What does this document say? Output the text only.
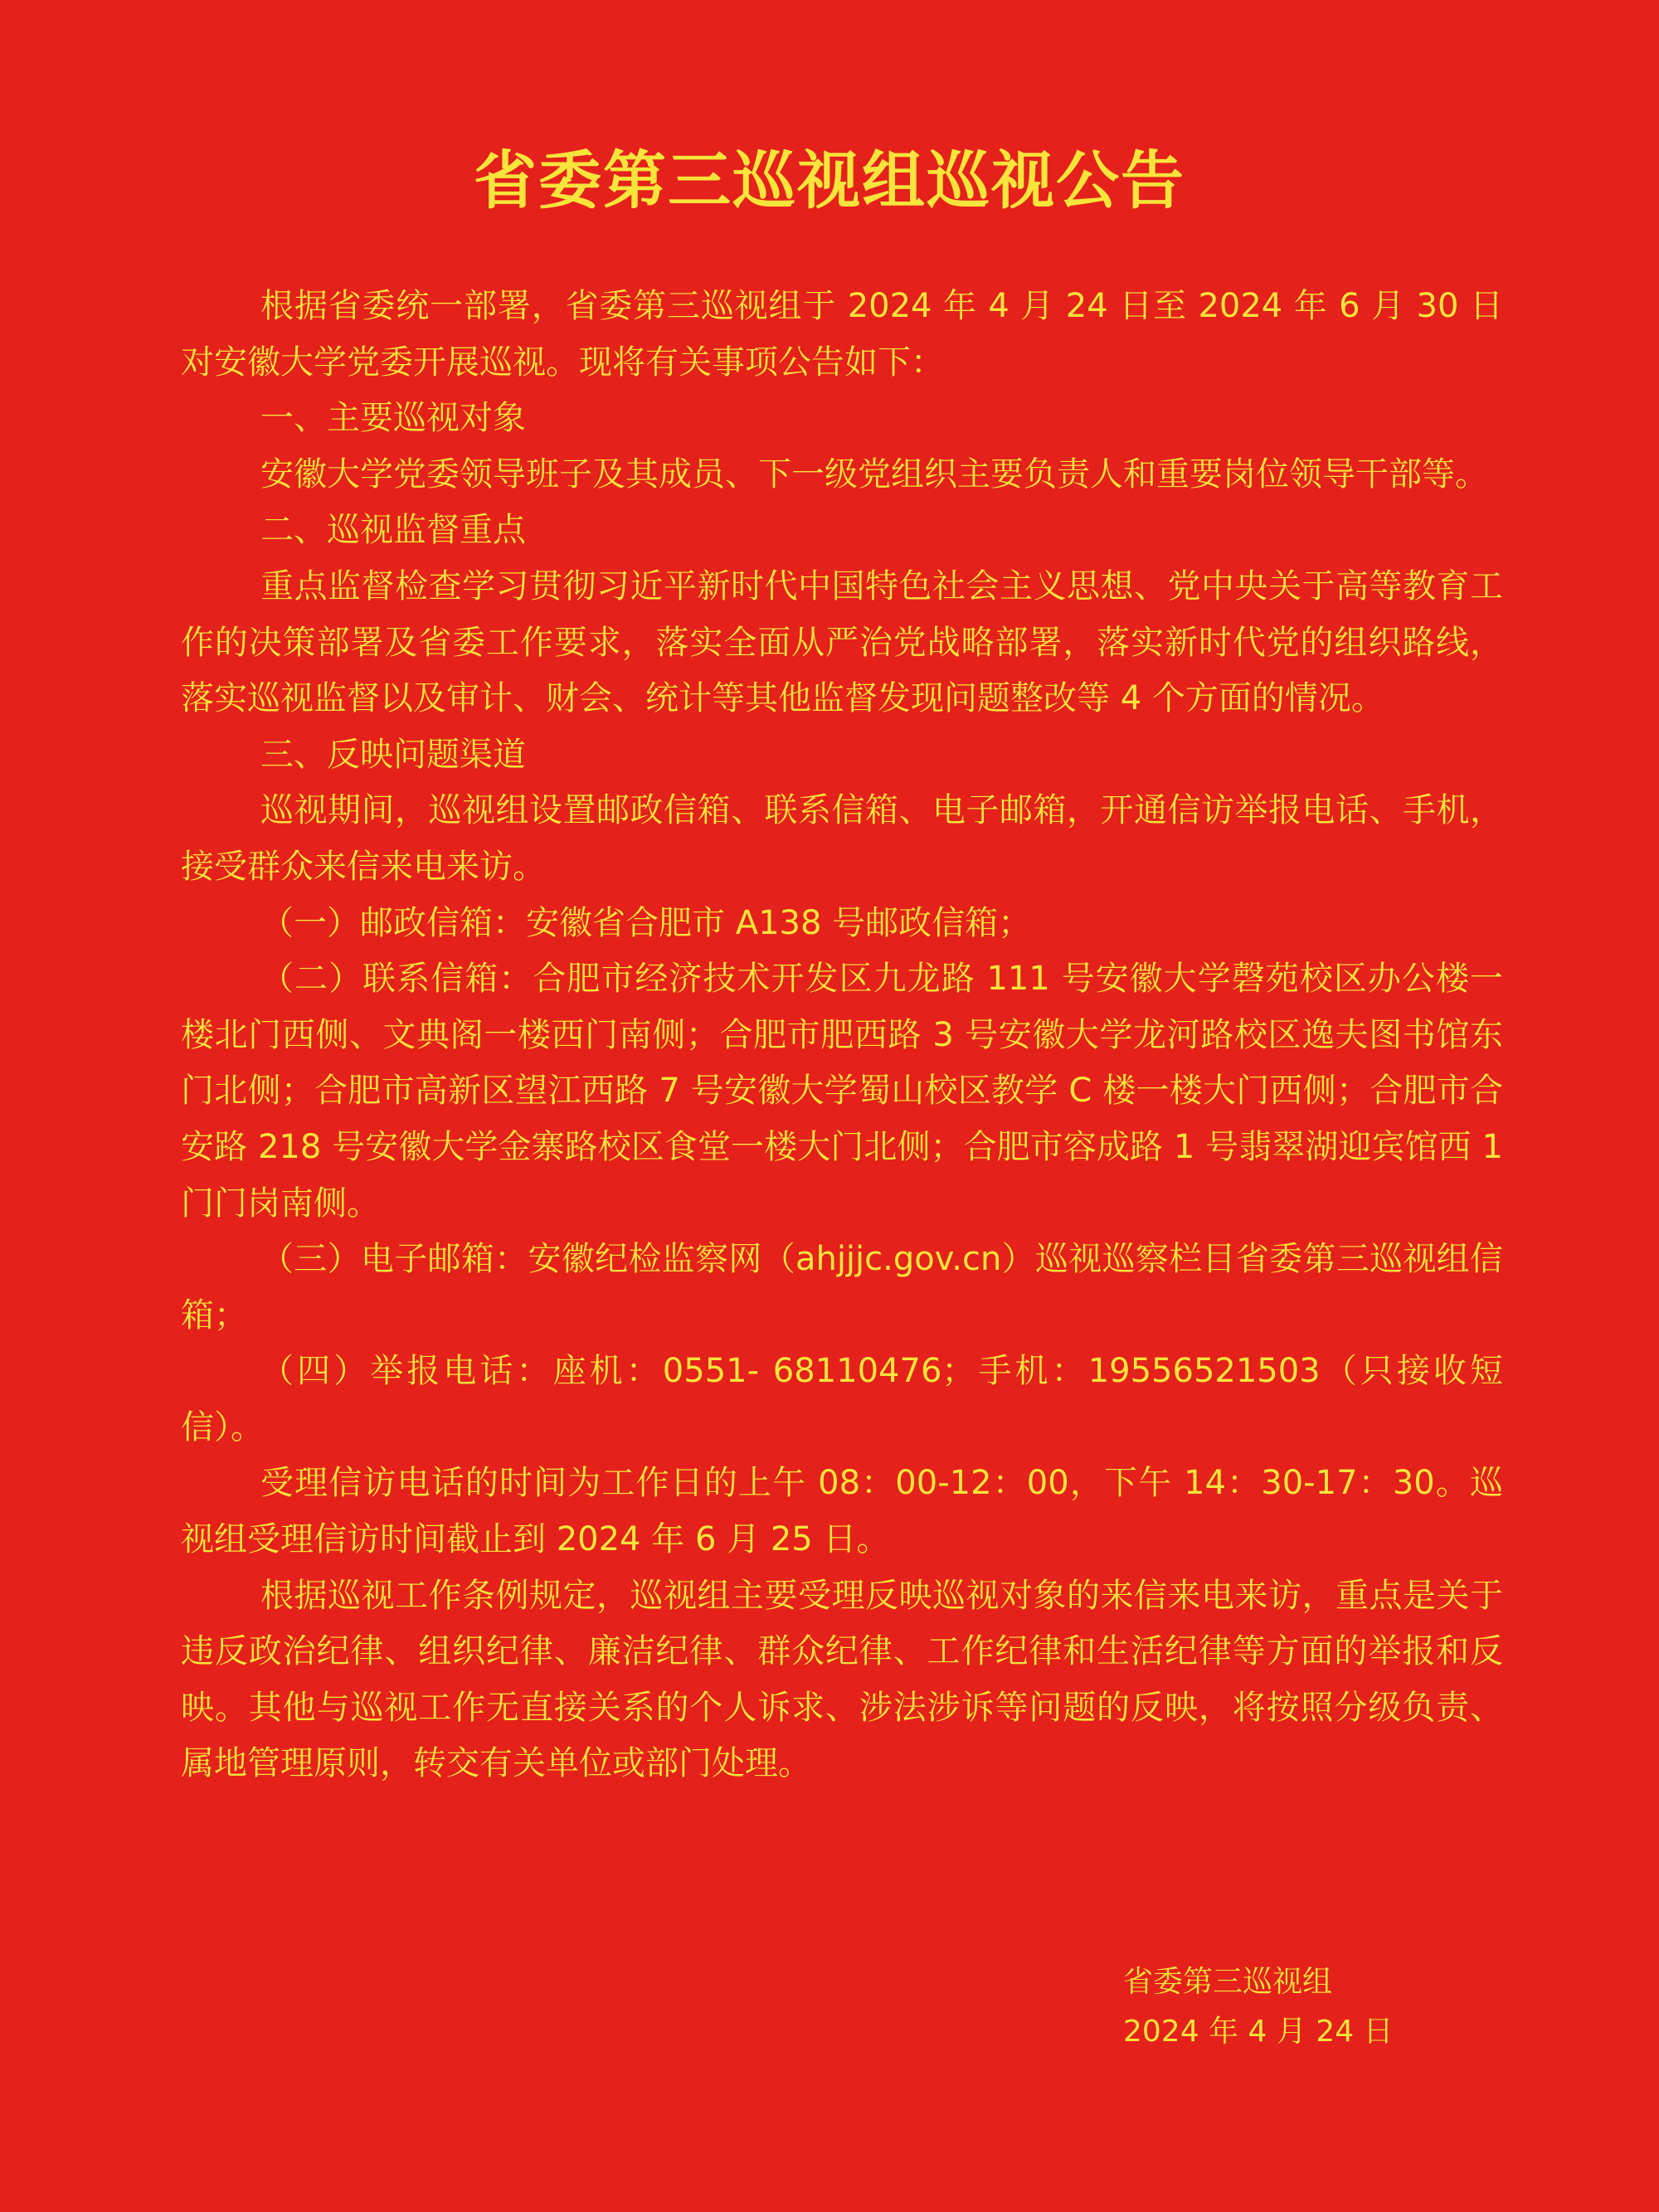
省委第三巡视组巡视公告

根据省委统一部署，省委第三巡视组于 2024 年 4 月 24 日至 2024 年 6 月 30 日对安徽大学党委开展巡视。现将有关事项公告如下：

一、主要巡视对象

安徽大学党委领导班子及其成员、下一级党组织主要负责人和重要岗位领导干部等。

二、巡视监督重点

重点监督检查学习贯彻习近平新时代中国特色社会主义思想、党中央关于高等教育工作的决策部署及省委工作要求，落实全面从严治党战略部署，落实新时代党的组织路线，落实巡视监督以及审计、财会、统计等其他监督发现问题整改等 4 个方面的情况。

三、反映问题渠道

巡视期间，巡视组设置邮政信箱、联系信箱、电子邮箱，开通信访举报电话、手机，接受群众来信来电来访。

（一）邮政信箱：安徽省合肥市 A138 号邮政信箱；

（二）联系信箱：合肥市经济技术开发区九龙路 111 号安徽大学磬苑校区办公楼一楼北门西侧、文典阁一楼西门南侧；合肥市肥西路 3 号安徽大学龙河路校区逸夫图书馆东门北侧；合肥市高新区望江西路 7 号安徽大学蜀山校区教学 C 楼一楼大门西侧；合肥市合安路 218 号安徽大学金寨路校区食堂一楼大门北侧；合肥市容成路 1 号翡翠湖迎宾馆西 1 门门岗南侧。

（三）电子邮箱：安徽纪检监察网（ahjjjc.gov.cn）巡视巡察栏目省委第三巡视组信箱；

（四）举报电话：座机：0551- 68110476；手机：19556521503（只接收短信）。

受理信访电话的时间为工作日的上午 08：00-12：00，下午 14：30-17：30。巡视组受理信访时间截止到 2024 年 6 月 25 日。

根据巡视工作条例规定，巡视组主要受理反映巡视对象的来信来电来访，重点是关于违反政治纪律、组织纪律、廉洁纪律、群众纪律、工作纪律和生活纪律等方面的举报和反映。其他与巡视工作无直接关系的个人诉求、涉法涉诉等问题的反映，将按照分级负责、属地管理原则，转交有关单位或部门处理。

省委第三巡视组
2024 年 4 月 24 日
